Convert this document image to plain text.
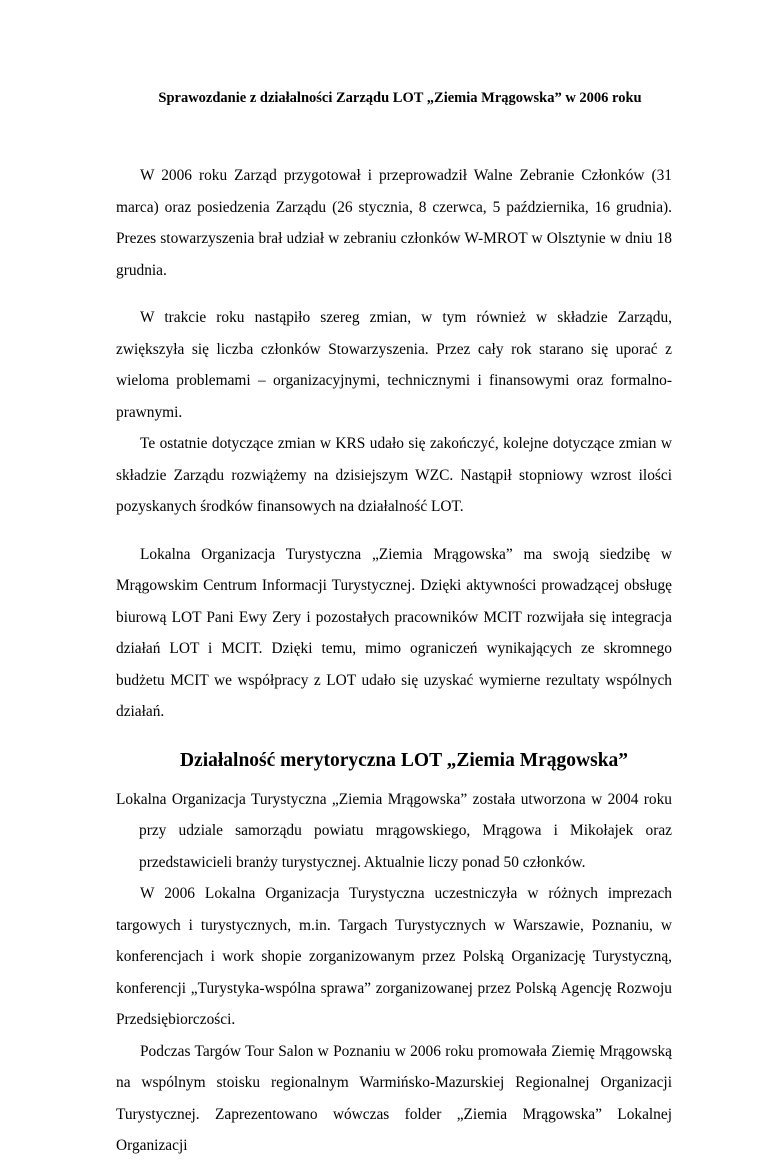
Sprawozdanie z działalności Zarządu LOT „Ziemia Mrągowska” w 2006 roku

W 2006 roku Zarząd przygotował i przeprowadził Walne Zebranie Członków (31 marca) oraz posiedzenia Zarządu (26 stycznia, 8 czerwca, 5 października, 16 grudnia). Prezes stowarzyszenia brał udział w zebraniu członków W-MROT w Olsztynie w dniu 18 grudnia.

W trakcie roku nastąpiło szereg zmian, w tym również w składzie Zarządu, zwiększyła się liczba członków Stowarzyszenia. Przez cały rok starano się uporać z wieloma problemami – organizacyjnymi, technicznymi i finansowymi oraz formalno-prawnymi.

Te ostatnie dotyczące zmian w KRS udało się zakończyć, kolejne dotyczące zmian w składzie Zarządu rozwiążemy na dzisiejszym WZC. Nastąpił stopniowy wzrost ilości pozyskanych środków finansowych na działalność LOT.

Lokalna Organizacja Turystyczna „Ziemia Mrągowska” ma swoją siedzibę w Mrągowskim Centrum Informacji Turystycznej. Dzięki aktywności prowadzącej obsługę biurową LOT Pani Ewy Zery i pozostałych pracowników MCIT rozwijała się integracja działań LOT i MCIT. Dzięki temu, mimo ograniczeń wynikających ze skromnego budżetu MCIT we współpracy z LOT udało się uzyskać wymierne rezultaty wspólnych działań.

Działalność merytoryczna LOT „Ziemia Mrągowska”

Lokalna Organizacja Turystyczna „Ziemia Mrągowska” została utworzona w 2004 roku przy udziale samorządu powiatu mrągowskiego, Mrągowa i Mikołajek oraz przedstawicieli branży turystycznej. Aktualnie liczy ponad 50 członków.

W 2006 Lokalna Organizacja Turystyczna uczestniczyła w różnych imprezach targowych i turystycznych, m.in. Targach Turystycznych w Warszawie, Poznaniu, w konferencjach i work shopie zorganizowanym przez Polską Organizację Turystyczną, konferencji „Turystyka-wspólna sprawa” zorganizowanej przez Polską Agencję Rozwoju Przedsiębiorczości.

Podczas Targów Tour Salon w Poznaniu w 2006 roku promowała Ziemię Mrągowską na wspólnym stoisku regionalnym Warmińsko-Mazurskiej Regionalnej Organizacji Turystycznej. Zaprezentowano wówczas folder „Ziemia Mrągowska” Lokalnej Organizacji
